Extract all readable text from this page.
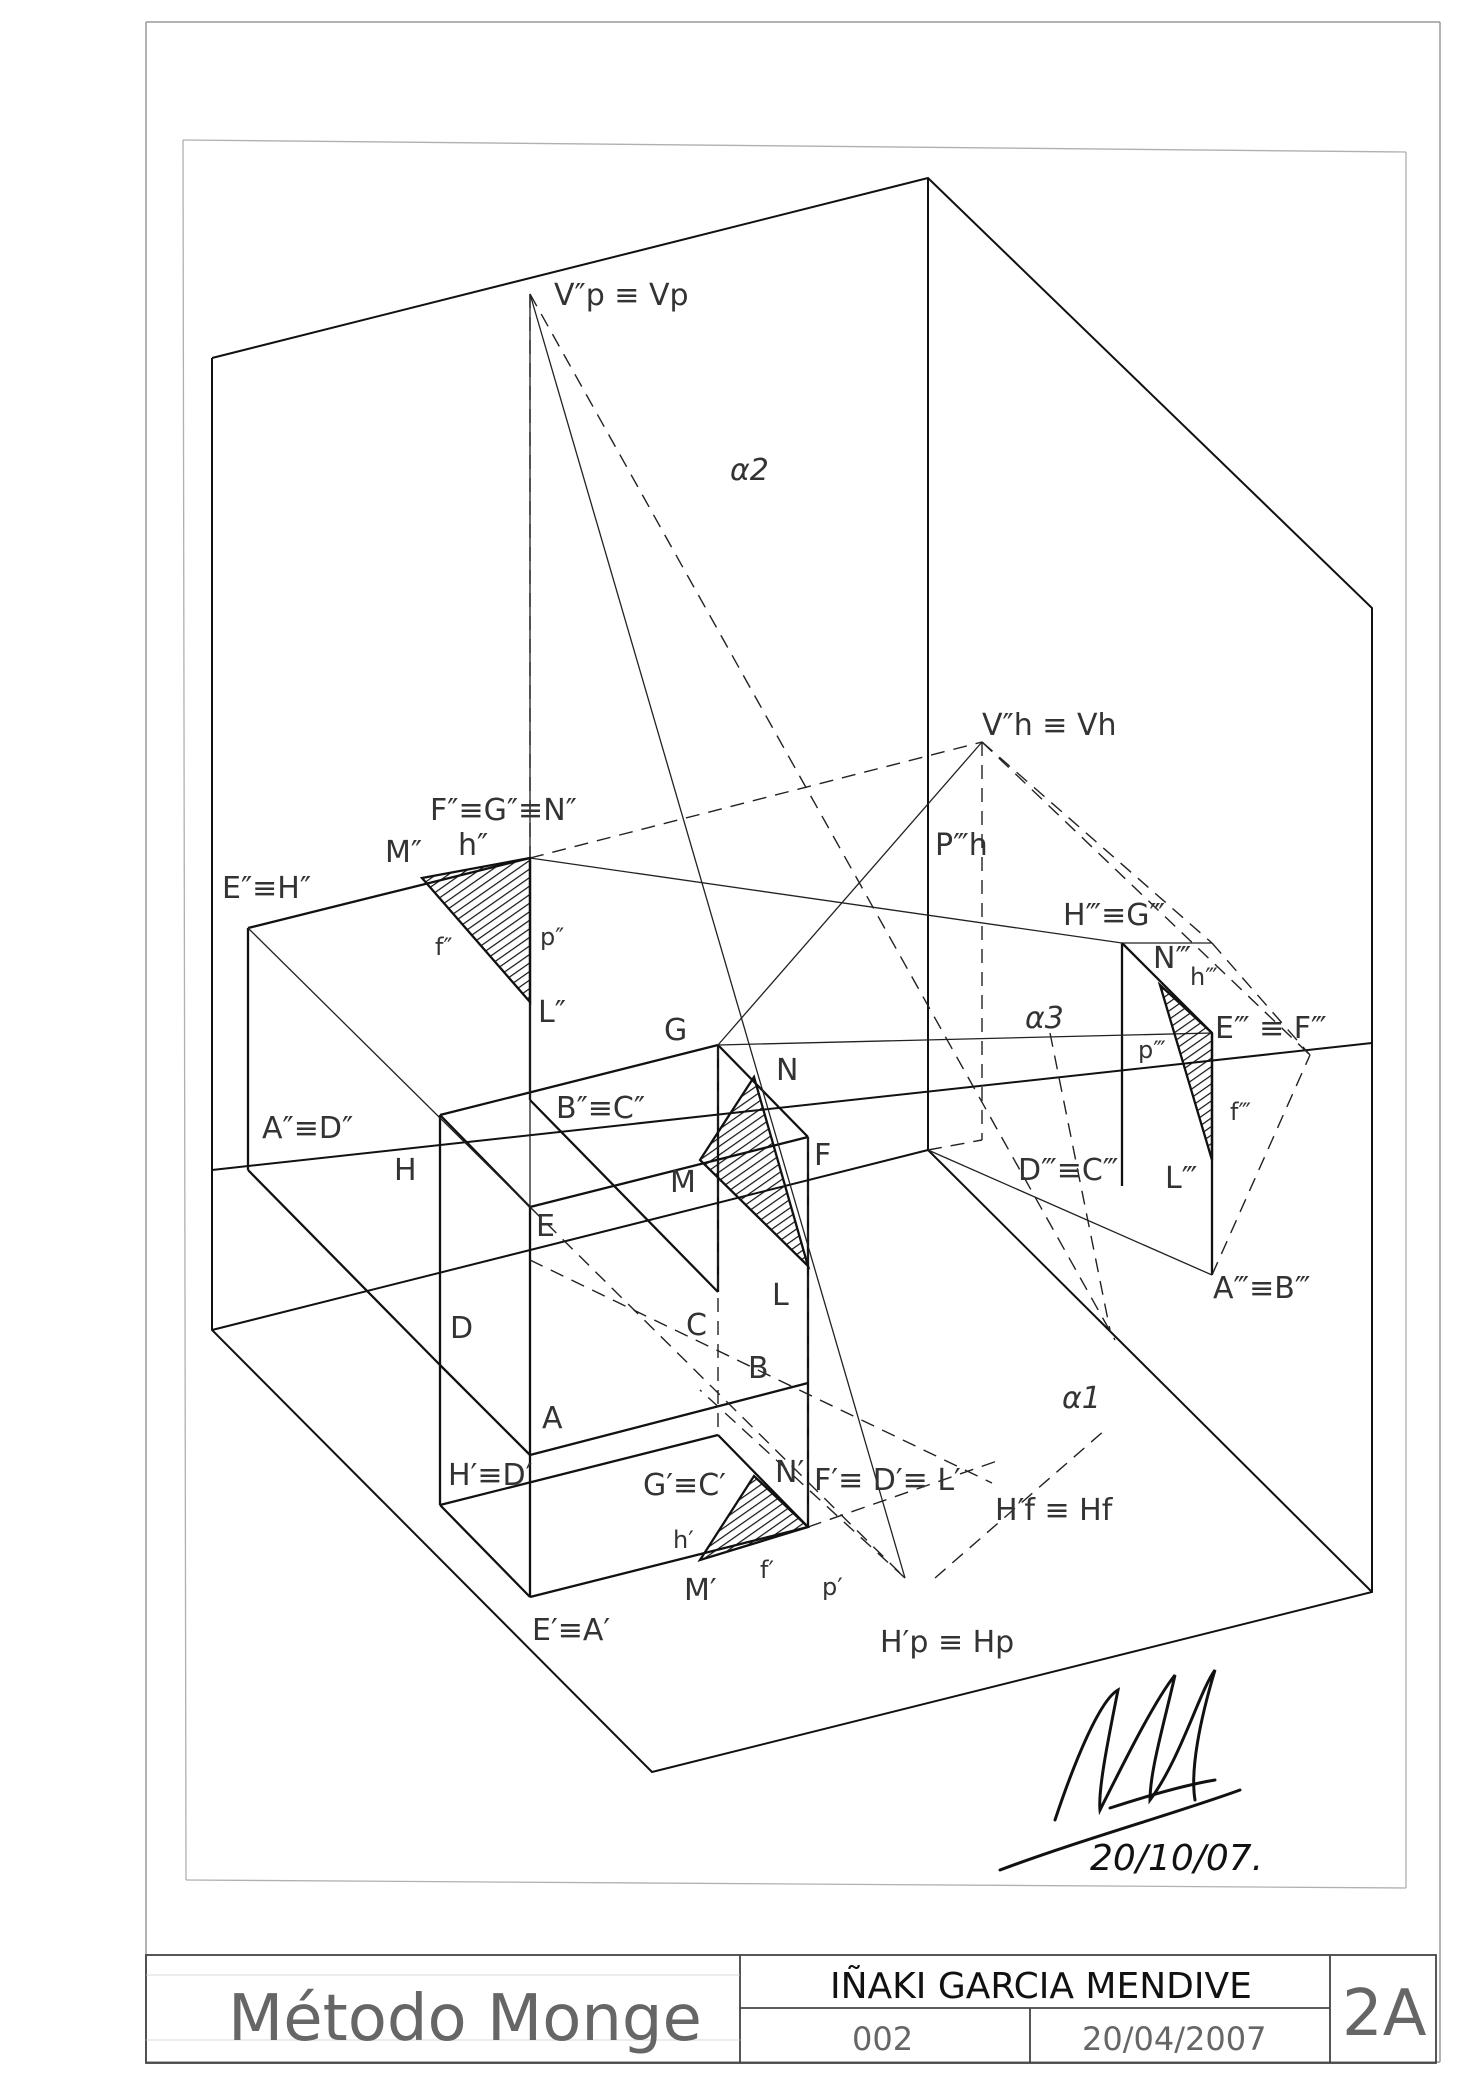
V″p ≡ Vp
α2
V″h ≡ Vh
P‴h
F″≡G″≡N″
M″ h″
E″≡H″
f″	p″
L″
H‴≡G‴
N‴
h‴
E‴ ≡ F‴
α3
p‴
f‴
G
N
A″≡D″
B″≡C″
H	F
M	D‴≡C‴ L‴
E
A‴≡B‴
D	C
L
B
A
α1
H′≡D′	G′≡C′ N′ F′≡ D′≡ L′
H′f ≡ Hf
h′
M′
f′
p′
H′p ≡ Hp
E′≡A′
20/10/07.
Método Monge	IÑAKI GARCIA MENDIVE
002	20/04/2007 2A
